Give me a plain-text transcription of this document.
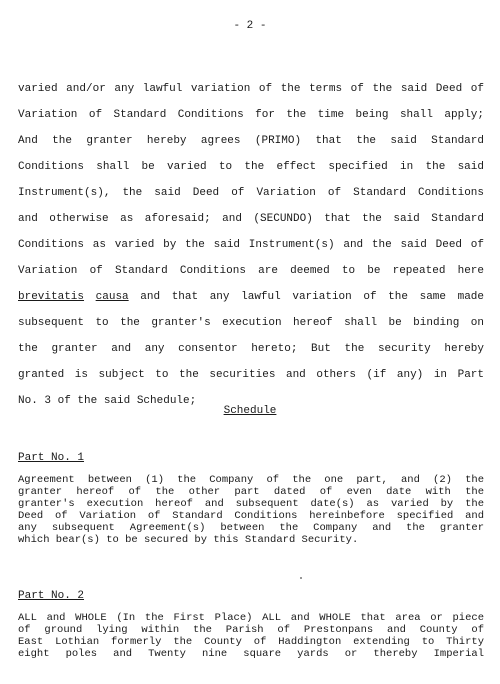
- 2 -
varied and/or any lawful variation of the terms of the said Deed of
Variation of Standard Conditions for the time being shall apply;
And the granter hereby agrees (PRIMO) that the said Standard
Conditions shall be varied to the effect specified in the said
Instrument(s), the said Deed of Variation of Standard Conditions
and otherwise as aforesaid; and (SECUNDO) that the said Standard
Conditions as varied by the said Instrument(s) and the said Deed of
Variation of Standard Conditions are deemed to be repeated here
brevitatis causa and that any lawful variation of the same made
subsequent to the granter's execution hereof shall be binding on
the granter and any consentor hereto; But the security hereby
granted is subject to the securities and others (if any) in Part
No. 3 of the said Schedule;
Schedule
Part No. 1
Agreement between (1) the Company of the one part, and (2) the
granter hereof of the other part dated of even date with the
granter's execution hereof and subsequent date(s) as varied by the
Deed of Variation of Standard Conditions hereinbefore specified and
any subsequent Agreement(s) between the Company and the granter
which bear(s) to be secured by this Standard Security.
Part No. 2
ALL and WHOLE (In the First Place) ALL and WHOLE that area or piece
of ground lying within the Parish of Prestonpans and County of
East Lothian formerly the County of Haddington extending to Thirty
eight poles and Twenty nine square yards or thereby Imperial
